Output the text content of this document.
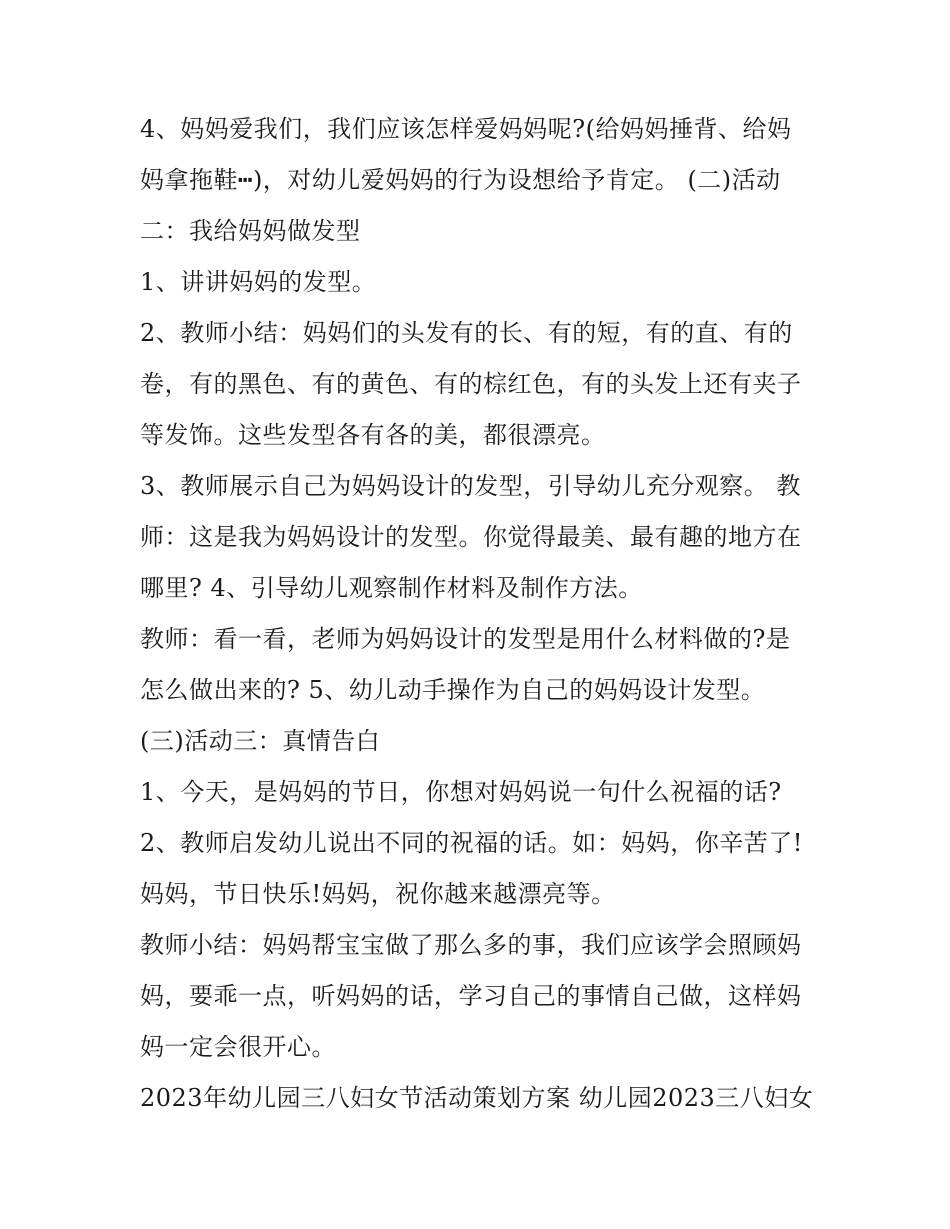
4、妈妈爱我们，我们应该怎样爱妈妈呢?(给妈妈捶背、给妈
妈拿拖鞋┅)，对幼儿爱妈妈的行为设想给予肯定。 (二)活动
二：我给妈妈做发型
1、讲讲妈妈的发型。
2、教师小结：妈妈们的头发有的长、有的短，有的直、有的
卷，有的黑色、有的黄色、有的棕红色，有的头发上还有夹子
等发饰。这些发型各有各的美，都很漂亮。
3、教师展示自己为妈妈设计的发型，引导幼儿充分观察。 教
师：这是我为妈妈设计的发型。你觉得最美、最有趣的地方在
哪里? 4、引导幼儿观察制作材料及制作方法。
教师：看一看，老师为妈妈设计的发型是用什么材料做的?是
怎么做出来的? 5、幼儿动手操作为自己的妈妈设计发型。
(三)活动三：真情告白
1、今天，是妈妈的节日，你想对妈妈说一句什么祝福的话?
2、教师启发幼儿说出不同的祝福的话。如：妈妈，你辛苦了!
妈妈，节日快乐!妈妈，祝你越来越漂亮等。
教师小结：妈妈帮宝宝做了那么多的事，我们应该学会照顾妈
妈，要乖一点，听妈妈的话，学习自己的事情自己做，这样妈
妈一定会很开心。
2023年幼儿园三八妇女节活动策划方案 幼儿园2023三八妇女
